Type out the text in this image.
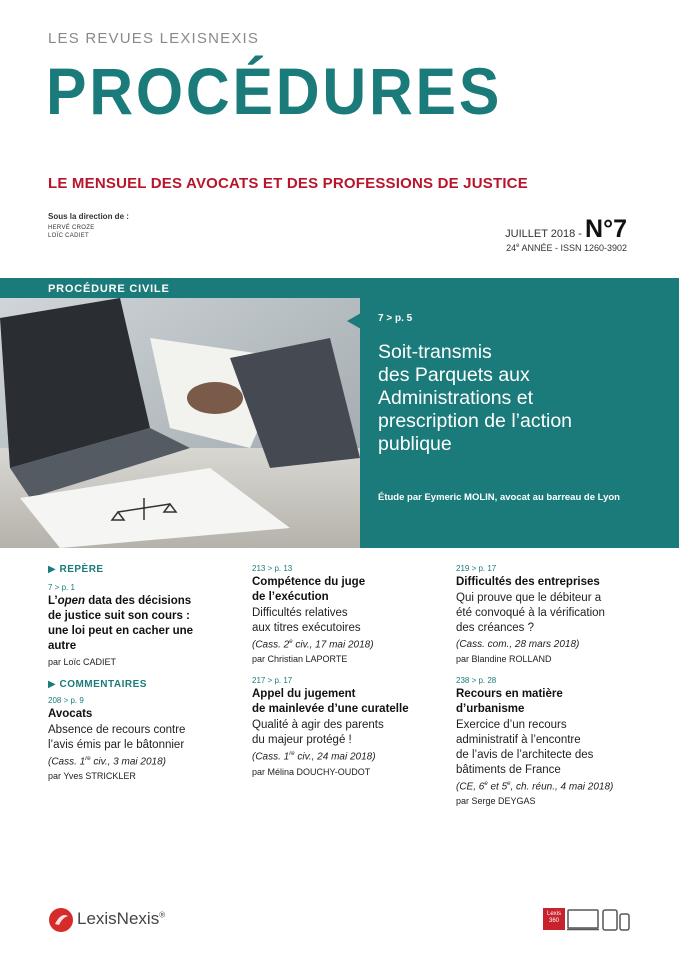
LES REVUES LEXISNEXIS
PROCÉDURES
LE MENSUEL DES AVOCATS ET DES PROFESSIONS DE JUSTICE
Sous la direction de :
HERVÉ CROZE
LOÏC CADIET	JUILLET 2018 - N°7
24e ANNÉE - ISSN 1260-3902
PROCÉDURE CIVILE
7 > p. 5
Soit-transmis
des Parquets aux
Administrations et
prescription de l’action
publique
Étude par Eymeric MOLIN, avocat au barreau de Lyon
▶ REPÈRE
7 > p. 1
L’open data des décisions
de justice suit son cours :
une loi peut en cacher une
autre
par Loïc CADIET
▶ COMMENTAIRES
208 > p. 9
Avocats
Absence de recours contre
l’avis émis par le bâtonnier
(Cass. 1re civ., 3 mai 2018)
par Yves STRICKLER
213 > p. 13
Compétence du juge
de l’exécution
Difficultés relatives
aux titres exécutoires
(Cass. 2e civ., 17 mai 2018)
par Christian LAPORTE
217 > p. 17
Appel du jugement
de mainlevée d’une curatelle
Qualité à agir des parents
du majeur protégé !
(Cass. 1re civ., 24 mai 2018)
par Mélina DOUCHY-OUDOT
219 > p. 17
Difficultés des entreprises
Qui prouve que le débiteur a
été convoqué à la vérification
des créances ?
(Cass. com., 28 mars 2018)
par Blandine ROLLAND
238 > p. 28
Recours en matière
d’urbanisme
Exercice d’un recours
administratif à l’encontre
de l’avis de l’architecte des
bâtiments de France
(CE, 6e et 5e, ch. réun., 4 mai 2018)
par Serge DEYGAS
LexisNexis®	Lexis
360
